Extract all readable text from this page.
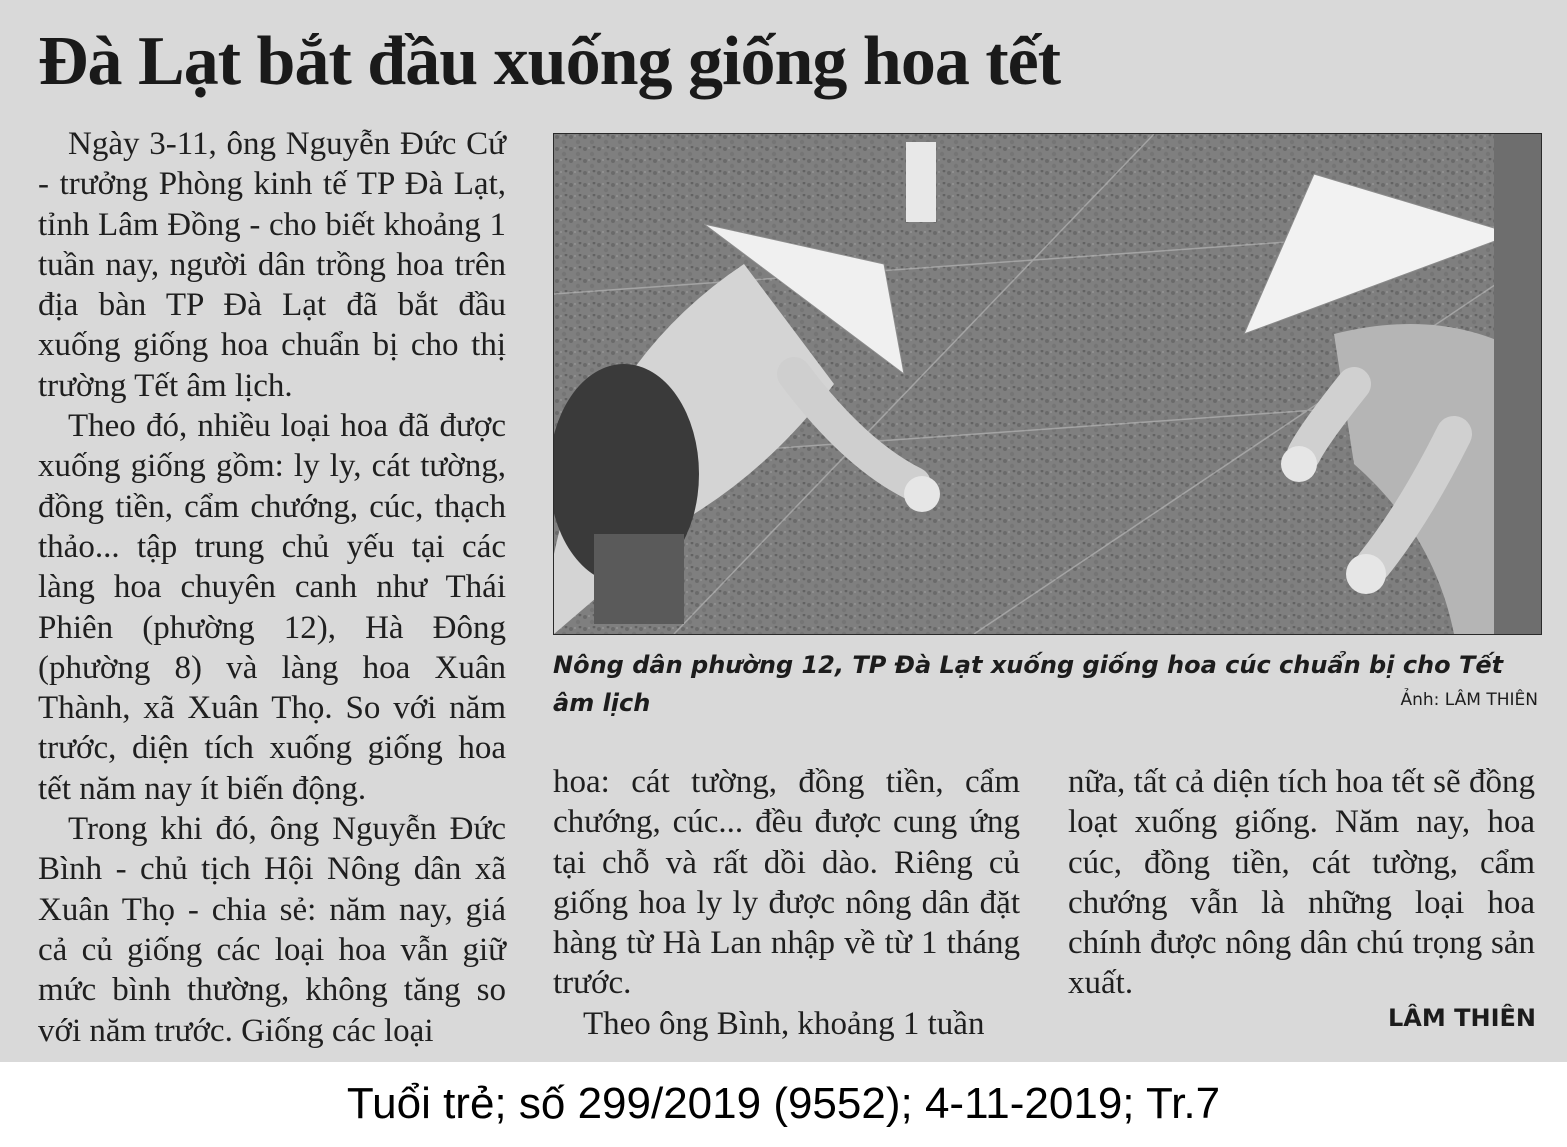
Đà Lạt bắt đầu xuống giống hoa tết

Ngày 3-11, ông Nguyễn Đức Cứ - trưởng Phòng kinh tế TP Đà Lạt, tỉnh Lâm Đồng - cho biết khoảng 1 tuần nay, người dân trồng hoa trên địa bàn TP Đà Lạt đã bắt đầu xuống giống hoa chuẩn bị cho thị trường Tết âm lịch.

Theo đó, nhiều loại hoa đã được xuống giống gồm: ly ly, cát tường, đồng tiền, cẩm chướng, cúc, thạch thảo... tập trung chủ yếu tại các làng hoa chuyên canh như Thái Phiên (phường 12), Hà Đông (phường 8) và làng hoa Xuân Thành, xã Xuân Thọ. So với năm trước, diện tích xuống giống hoa tết năm nay ít biến động.

Trong khi đó, ông Nguyễn Đức Bình - chủ tịch Hội Nông dân xã Xuân Thọ - chia sẻ: năm nay, giá cả củ giống các loại hoa vẫn giữ mức bình thường, không tăng so với năm trước. Giống các loại

Nông dân phường 12, TP Đà Lạt xuống giống hoa cúc chuẩn bị cho Tết âm lịch	Ảnh: LÂM THIÊN

hoa: cát tường, đồng tiền, cẩm chướng, cúc... đều được cung ứng tại chỗ và rất dồi dào. Riêng củ giống hoa ly ly được nông dân đặt hàng từ Hà Lan nhập về từ 1 tháng trước.

Theo ông Bình, khoảng 1 tuần

nữa, tất cả diện tích hoa tết sẽ đồng loạt xuống giống. Năm nay, hoa cúc, đồng tiền, cát tường, cẩm chướng vẫn là những loại hoa chính được nông dân chú trọng sản xuất.

LÂM THIÊN
Tuổi trẻ; số 299/2019 (9552); 4-11-2019; Tr.7
